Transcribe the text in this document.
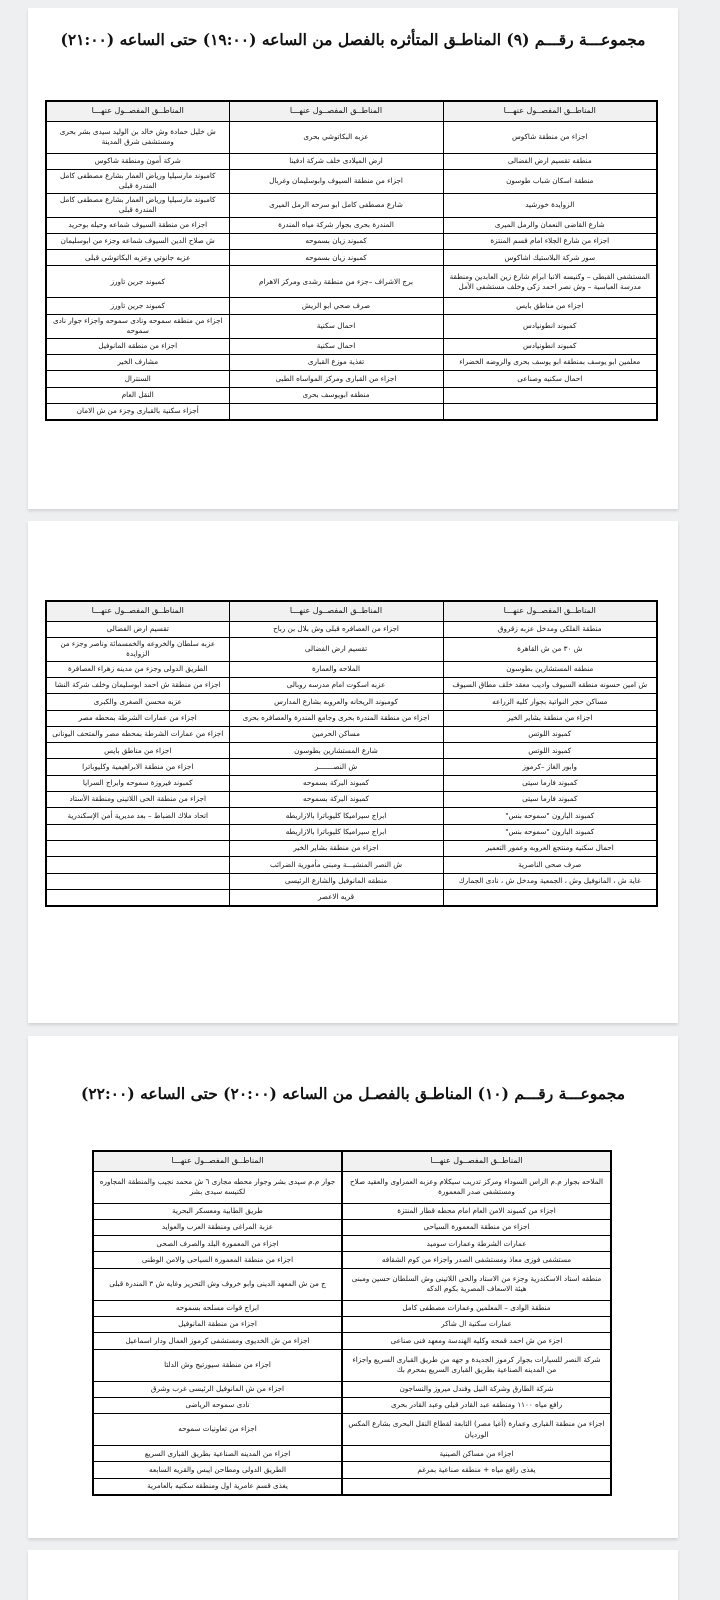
مجموعـــة رقـــم (٩) المناطـق المتأثره بالفصل من الساعه (١٩:٠٠) حتى الساعه (٢١:٠٠)
المناطــق المفصــول عنهـــا	المناطــق المفصــول عنهـــا	المناطــق المفصــول عنهـــا
اجزاء من منطقة شاكوس	عزبه البكاتوشي بحرى	ش خليل حمادة وش خالد بن الوليد سيدى بشر بحرى ومستشفى شرق المدينة
منطقه تقسيم ارض الفضالى	ارض الميلادى خلف شركة ادفينا	شركة أمون ومنطقة شاكوس
منطقة اسكان شباب طوسون	اجزاء من منطقة السيوف وابوسليمان وغربال	كامبوند مارسيليا ورياض العمار بشارع مصطفى كامل المندرة قبلى
الزوايدة خورشيد	شارع مصطفى كامل ابو سرحه الرمل الميرى	كامبوند مارسيليا ورياض العمار بشارع مصطفى كامل المندرة قبلى
شارع القاضى النعمان والرمل الميرى	المندرة بحرى بجوار شركة مياه المندرة	اجزاء من منطقة السيوف شماعه وحيله بوحريد
اجزاء من شارع الجلاء امام قسم المنتزة	كمبوند زيان بسموحه	ش صلاح الدين السيوف شماعه وجزء من ابوسليمان
سور شركة البلاستيك اشاكوس	كمبوند زيان بسموحه	عزبه جانوتي وعزبه البكاتوشي قبلى
المستشفى القبطى – وكنيسه الانبا ابرام شارع زين العابدين ومنطقة مدرسة العباسية – وش نصر احمد زكى وخلف مستشفى الأمل	برج الاشراف –جزء من منطقة رشدى ومركز الاهرام	كمبوند جرين تاورز
اجزاء من مناطق بايس	صرف صحي ابو الريش	كمبوند جرين تاورز
كمبوند انطونيادس	احمال سكنية	اجزاء من منطقه سموحه ونادى سموحه واجزاء جوار نادى سموحه
كمبوند انطونيادس	احمال سكنية	اجزاء من منطقه المانوفيل
معلمين ابو يوسف بمنطقه ابو يوسف بحرى والروضه الخضراء	تغذية موزع القبارى	مشارف الخير
احمال سكنيه وصناعى	اجزاء من القبارى ومركز المواساه الطبى	السنترال
	منطقه ابويوسف بحرى	النقل العام
		أجزاء سكنية بالقبارى وجزء من ش الامان
المناطــق المفصــول عنهـــا	المناطــق المفصــول عنهـــا	المناطــق المفصــول عنهـــا
منطقة الفلكى ومدخل عزبه زقروق	اجزاء من العصافره قبلى وش بلال بن رباح	تقسيم ارض الفضالى
ش ٣٠ من ش القاهرة	تقسيم ارض الفضالى	عزبه سلطان والخروعه والخمسمائة وناصر وجزء من الزوايدة
منطقه المستشارين بطوسون	الملاحه والعمارة	الطريق الدولى وجزء من مدينه زهراء العصافرة
ش امين حسونه منطقه السيوف واديب معقد خلف مطاق السيوف	عزبه اسكوت امام مدرسه روبالى	اجزاء من منطقة ش احمد ابوسليمان وخلف شركة النشا
مساكن حجر النواتية بجوار كليه الزراعه	كومبوند الريحانه والعروبه بشارع المدارس	عزبه محسن الصغرى والكبرى
اجزاء من منطقة بشاير الخير	اجزاء من منطقة المندرة بحرى وجامع المندرة والعصافره بحرى	اجزاء من عمارات الشرطة بمحطه مصر
كمبوند اللوتس	مساكن الحرمين	اجزاء من عمارات الشرطة بمحطه مصر والمتحف اليونانى
كمبوند اللوتس	شارع المستشارين بطوسون	اجزاء من مناطق بايس
وابور الغاز –كرموز	ش النصـــــــر	اجزاء من منطقة الابراهيمية وكليوباترا
كمبوند فارما سيتى	كمبوند البركة بسموحه	كمبوند فيروزة سموحه وابراج السرايا
كمبوند فارما سيتى	كمبوند البركة بسموحه	اجزاء من منطقة الحى اللاتينى ومنطقة الأستاد
كمبوند البارون "سموحه بنس"	ابراج سيراميكا كليوباترا بالازاريطه	اتحاد ملاك الضباط – بعد مديرية أمن الإسكندرية
كمبوند البارون "سموحه بنس"	ابراج سيراميكا كليوباترا بالازاريطه	
احمال سكنيه ومنتجع العروبه وعمور التعمير	اجزاء من منطقة بشاير الخير	
صرف صحى الناصرية	ش النصر المنشيـــة ومبنى مأمورية الضرائب	
غاية ش ، المانوفيل وش ، الجمعية ومدخل ش ، نادى الجمارك	منطقه المانوفيل والشارع الرئيسى	
	قريه الاعصر	
مجموعـــة رقـــم (١٠) المناطـق بالفصـل من الساعه (٢٠:٠٠) حتى الساعه (٢٢:٠٠)
المناطــق المفصــول عنهـــا	المناطــق المفصــول عنهـــا
الملاحه بجوار م.م الراس السوداء ومركز تدريب سيكلام وعزبه العمراوى والعقيد صلاح ومستشفى صدر المعمورة	جوار م.م سيدى بشر وجوار محطه مجارى ٦ ش محمد نجيب والمنطقة المجاوره لكنيسه سيدى بشر
اجزاء من كمبوند الامن العام امام محطه قطار المنتزة	طريق الطابية ومعسكر البحرية
اجزاء من منطقة المعمورة السياحى	عزبة المراغى ومنطقة العرب والعوايد
عمارات الشرطة وعمارات سوميد	اجزاء من المعمورة البلد والصرف الصحى
مستشفى فوزى معاذ ومستشفى الصدر واجزاء من كوم الشقافه	اجزاء من منطقة المعمورة السياحى والامن الوطنى
منطقه استاد الاسكندرية وجزء من الاستاد والحى اللاتينى وش السلطان حسين ومبنى هيئة الاسعاف المصرية بكوم الدكه	ج من ش المعهد الدينى وابو خروف وش التحرير وغايه ش ٣ المندرة قبلى
منطقة الوادى – المعلمين وعمارات مصطفى كامل	ابراج قوات مسلحه بسموحه
عمارات سكنية ال شاكر	اجزاء من منطقة المانوفيل
اجزء من ش احمد قمحه وكليه الهندسة ومعهد فنى صناعى	اجزاء من ش الخديوى ومستشفى كرموز العمال ودار اسماعيل
شركة النصر للسيارات بجوار كرموز الجديدة و جهه من طريق القبارى السريع واجزاء من المدينه الصناعية بطريق القبارى السريع بمحرم بك	اجزاء من منطقة سيورتيج وش الدلتا
شركة الطارق وشركة النيل وفندل ميروز والنساجون	اجزاء من ش المانوفيل الرئيسى غرب وشرق
رافع مياه ١١٠٠ ومنطقه عبد القادر قبلى وعبد القادر بحرى	نادى سموحه الرياضى
اجزاء من منطقة القبارى وعمارة (أغيا مصر) التابعة لقطاع النقل البحرى بشارع المكس الورديان	اجزاء من تعاونيات سموحه
اجزاء من مساكن الصينية	اجزاء من المدينه الصناعية بطريق القبارى السريع
يغذى رافع مياه + منطقه صناعية بمرغم	الطريق الدولى ومطاحن ايبس والقريه السابعه
	يغذى قسم عامرية اول ومنطقه سكنيه بالعامرية
